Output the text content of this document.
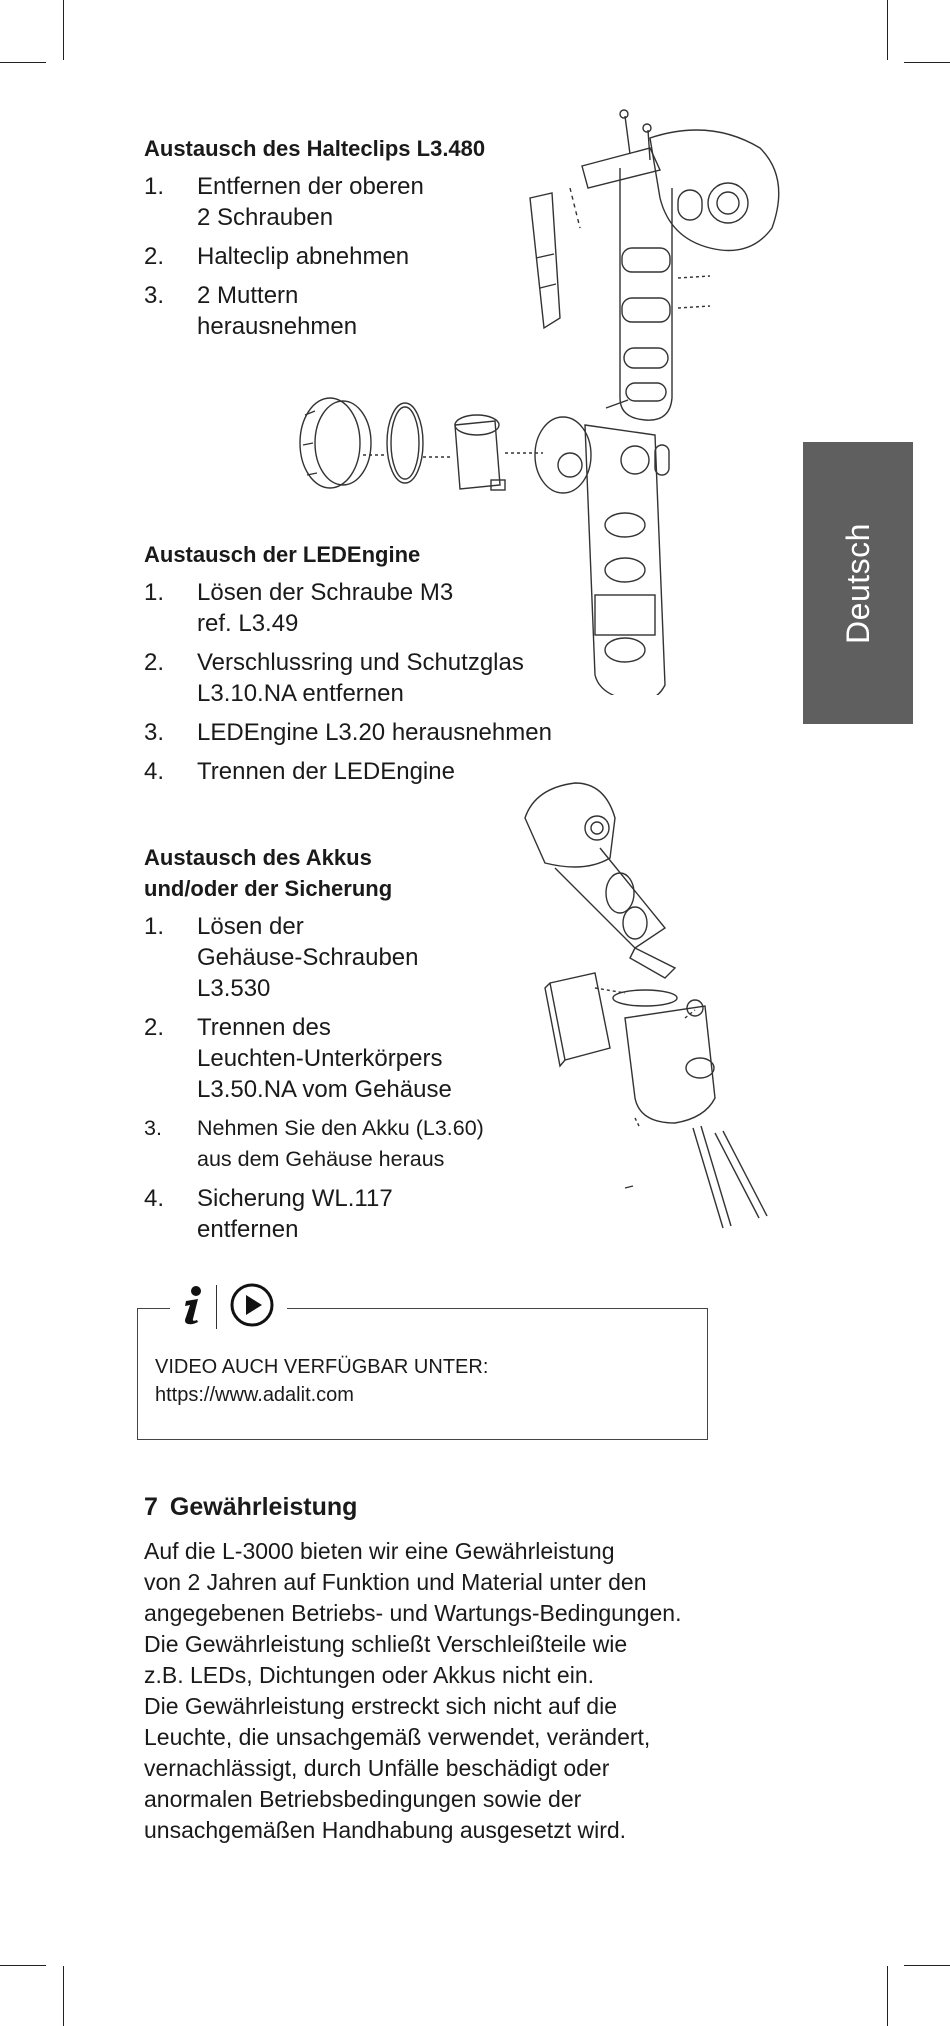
Austausch des Halteclips L3.480
1. Entfernen der oberen
2 Schrauben
2. Halteclip abnehmen
3. 2 Muttern
herausnehmen
Austausch der LEDEngine
1. Lösen der Schraube M3
ref. L3.49
2. Verschlussring und Schutzglas
L3.10.NA entfernen
3. LEDEngine L3.20 herausnehmen
4. Trennen der LEDEngine
Austausch des Akkus
und/oder der Sicherung
1. Lösen der
Gehäuse-Schrauben
L3.530
2. Trennen des
Leuchten-Unterkörpers
L3.50.NA vom Gehäuse
3. Nehmen Sie den Akku (L3.60)
aus dem Gehäuse heraus
4. Sicherung WL.117
entfernen
Deutsch
VIDEO AUCH VERFÜGBAR UNTER:
https://www.adalit.com
7 Gewährleistung

Auf die L-3000 bieten wir eine Gewährleistung
von 2 Jahren auf Funktion und Material unter den
angegebenen Betriebs- und Wartungs-Bedingungen.
Die Gewährleistung schließt Verschleißteile wie
z.B. LEDs, Dichtungen oder Akkus nicht ein.
Die Gewährleistung erstreckt sich nicht auf die
Leuchte, die unsachgemäß verwendet, verändert,
vernachlässigt, durch Unfälle beschädigt oder
anormalen Betriebsbedingungen sowie der
unsachgemäßen Handhabung ausgesetzt wird.
